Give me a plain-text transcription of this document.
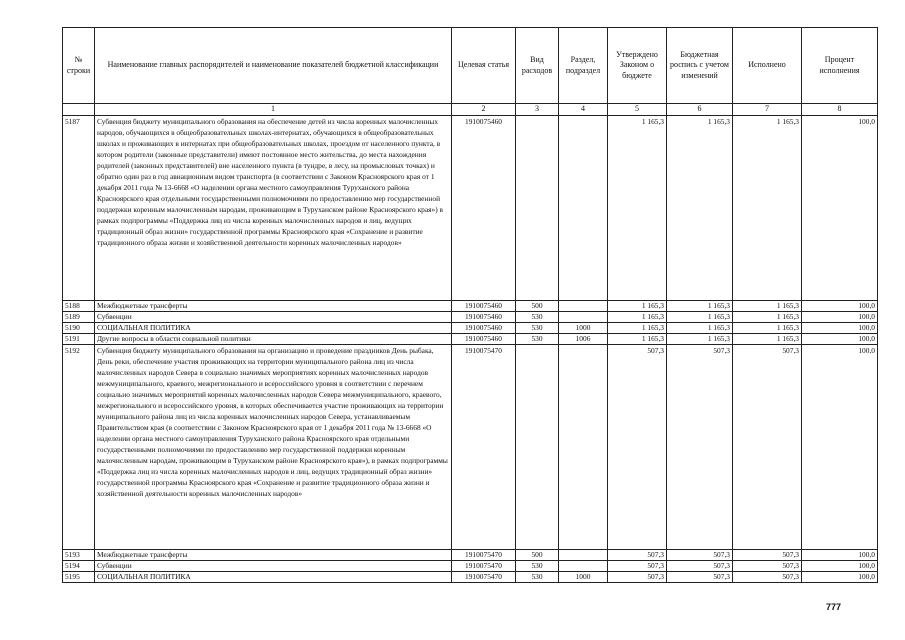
№ строки	Наименование главных распорядителей и наименование показателей бюджетной классификации	Целевая статья	Вид расходов	Раздел, подраздел	Утверждено Законом о бюджете	Бюджетная роспись с учетом изменений	Исполнено	Процент исполнения
	1	2	3	4	5	6	7	8
5187	Субвенция бюджету муниципального образования на обеспечение детей из числа коренных малочисленных народов, обучающихся в общеобразовательных школах-интернатах, обучающихся в общеобразовательных школах и проживающих в интернатах при общеобразовательных школах, проездом от населенного пункта, в котором родители (законные представители) имеют постоянное место жительства, до места нахождения родителей (законных представителей) вне населенного пункта (в тундре, в лесу, на промысловых точках) и обратно один раз в год авиационным видом транспорта (в соответствии с Законом Красноярского края от 1 декабря 2011 года № 13-6668 «О наделении органа местного самоуправления Туруханского района Красноярского края отдельными государственными полномочиями по предоставлению мер государственной поддержки коренным малочисленным народам, проживающим в Туруханском районе Красноярского края») в рамках подпрограммы «Поддержка лиц из числа коренных малочисленных народов и лиц, ведущих традиционный образ жизни» государственной программы Красноярского края «Сохранение и развитие традиционного образа жизни и хозяйственной деятельности коренных малочисленных народов»	1910075460			1 165,3	1 165,3	1 165,3	100,0
5188	Межбюджетные трансферты	1910075460	500		1 165,3	1 165,3	1 165,3	100,0
5189	Субвенции	1910075460	530		1 165,3	1 165,3	1 165,3	100,0
5190	СОЦИАЛЬНАЯ ПОЛИТИКА	1910075460	530	1000	1 165,3	1 165,3	1 165,3	100,0
5191	Другие вопросы в области социальной политики	1910075460	530	1006	1 165,3	1 165,3	1 165,3	100,0
5192	Субвенция бюджету муниципального образования на организацию и проведение праздников День рыбака, День реки, обеспечение участия проживающих на территории муниципального района лиц из числа малочисленных народов Севера в социально значимых мероприятиях коренных малочисленных народов межмуниципального, краевого, межрегионального и всероссийского уровня в соответствии с перечнем социально значимых мероприятий коренных малочисленных народов Севера межмуниципального, краевого, межрегионального и всероссийского уровня, в которых обеспечивается участие проживающих на территории муниципального района лиц из числа коренных малочисленных народов Севера, устанавливаемым Правительством края (в соответствии с Законом Красноярского края от 1 декабря 2011 года № 13-6668 «О наделении органа местного самоуправления Туруханского района Красноярского края отдельными государственными полномочиями по предоставлению мер государственной поддержки коренным малочисленным народам, проживающим в Туруханском районе Красноярского края»), в рамках подпрограммы «Поддержка лиц из числа коренных малочисленных народов и лиц, ведущих традиционный образ жизни» государственной программы Красноярского края «Сохранение и развитие традиционного образа жизни и хозяйственной деятельности коренных малочисленных народов»	1910075470			507,3	507,3	507,3	100,0
5193	Межбюджетные трансферты	1910075470	500		507,3	507,3	507,3	100,0
5194	Субвенции	1910075470	530		507,3	507,3	507,3	100,0
5195	СОЦИАЛЬНАЯ ПОЛИТИКА	1910075470	530	1000	507,3	507,3	507,3	100,0
777
